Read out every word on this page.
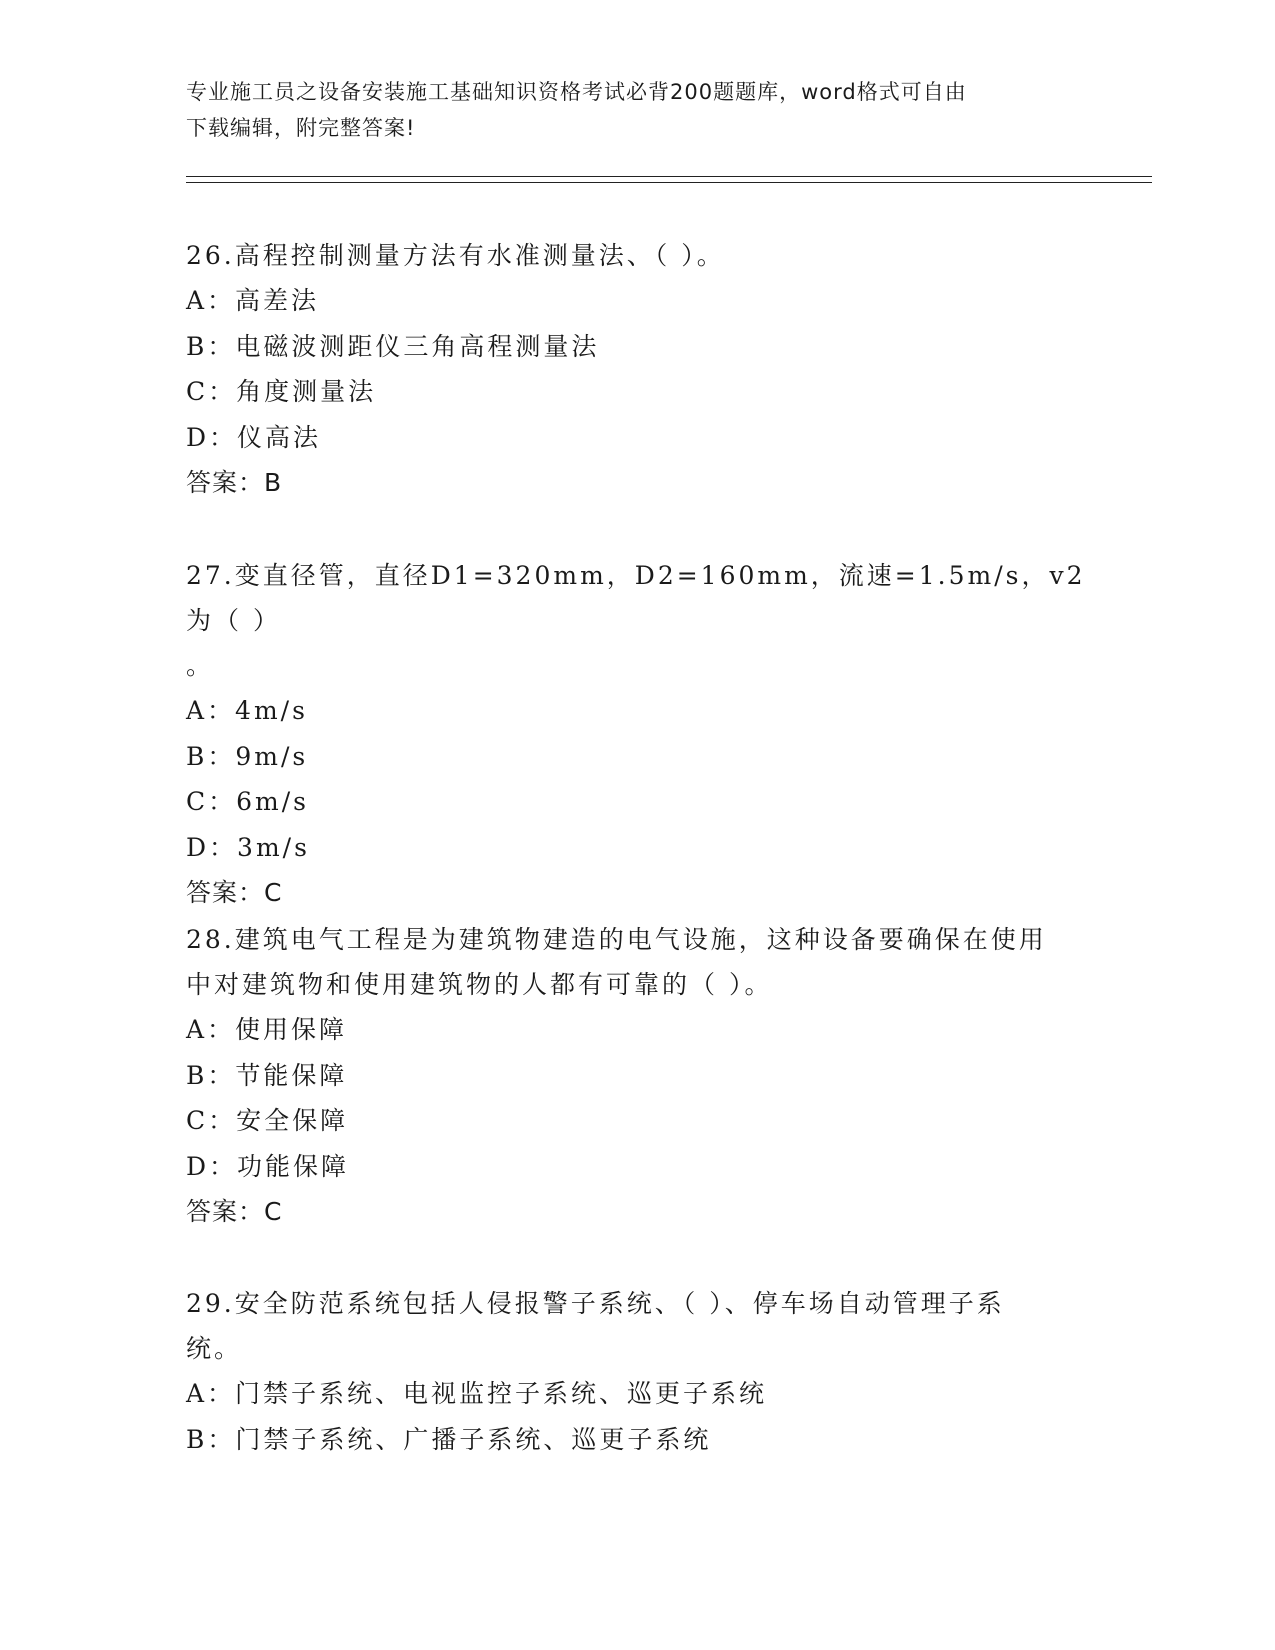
专业施工员之设备安装施工基础知识资格考试必背200题题库，word格式可自由
下载编辑，附完整答案!

26.高程控制测量方法有水准测量法、（ ）。

A：高差法

B：电磁波测距仪三角高程测量法

C：角度测量法

D：仪高法

答案：B

27.变直径管，直径D1=320mm，D2=160mm，流速=1.5m/s，v2为（ ）

。

A：4m/s

B：9m/s

C：6m/s

D：3m/s

答案：C

28.建筑电气工程是为建筑物建造的电气设施，这种设备要确保在使用

中对建筑物和使用建筑物的人都有可靠的（ ）。

A：使用保障

B：节能保障

C：安全保障

D：功能保障

答案：C

29.安全防范系统包括人侵报警子系统、（ ）、停车场自动管理子系

统。

A：门禁子系统、电视监控子系统、巡更子系统

B：门禁子系统、广播子系统、巡更子系统
